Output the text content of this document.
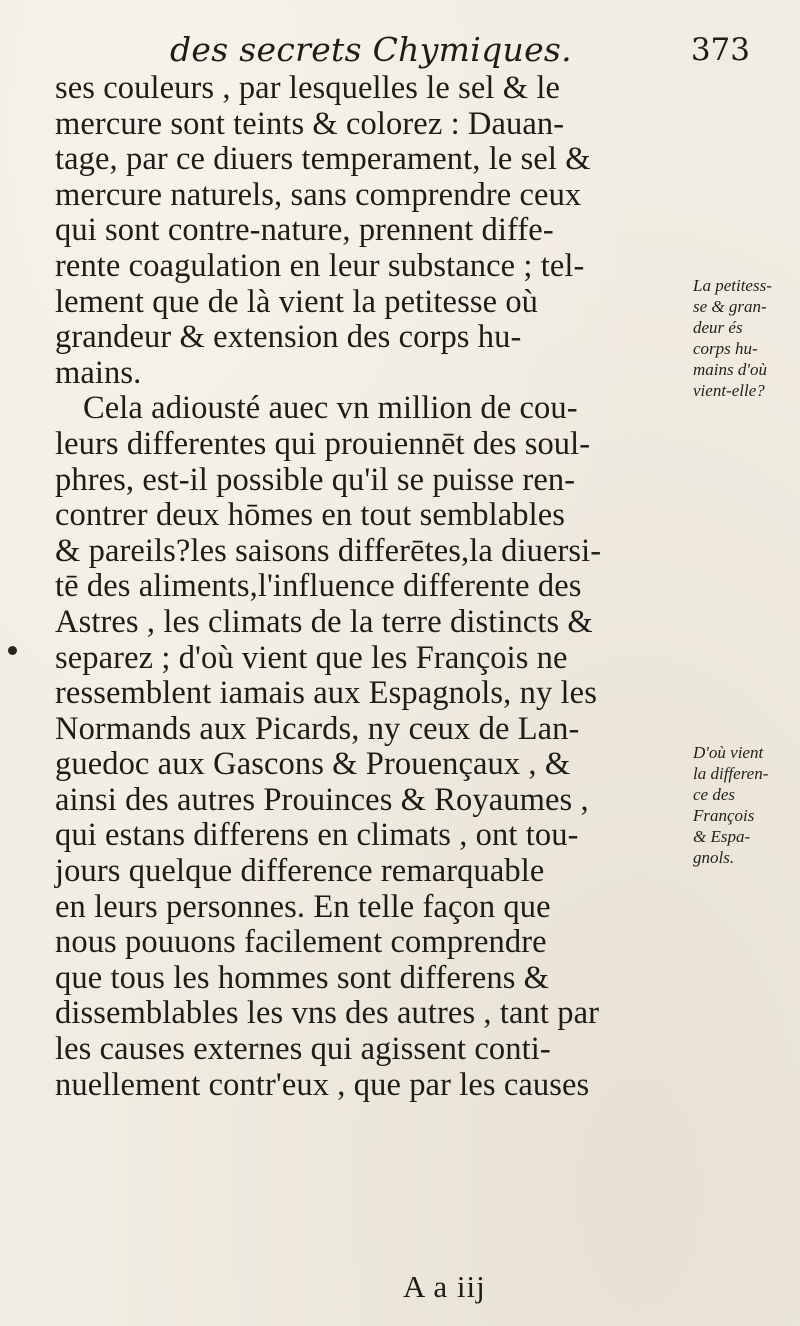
des secrets Chymiques.	373
ses couleurs , par lesquelles le sel & le
mercure sont teints & colorez : Dauan-
tage, par ce diuers temperament, le sel &
mercure naturels, sans comprendre ceux
qui sont contre-nature, prennent diffe-
rente coagulation en leur substance ; tel-
lement que de là vient la petitesse où
grandeur & extension des corps hu-
mains.
Cela adiousté auec vn million de cou-
leurs differentes qui prouiennēt des soul-
phres, est-il possible qu'il se puisse ren-
contrer deux hōmes en tout semblables
& pareils?les saisons differētes,la diuersi-
tē des aliments,l'influence differente des
Astres , les climats de la terre distincts &
separez ; d'où vient que les François ne
ressemblent iamais aux Espagnols, ny les
Normands aux Picards, ny ceux de Lan-
guedoc aux Gascons & Prouençaux , &
ainsi des autres Prouinces & Royaumes ,
qui estans differens en climats , ont tou-
jours quelque difference remarquable
en leurs personnes. En telle façon que
nous pouuons facilement comprendre
que tous les hommes sont differens &
dissemblables les vns des autres , tant par
les causes externes qui agissent conti-
nuellement contr'eux , que par les causes
La petitess-
se & gran-
deur és
corps hu-
mains d'où
vient-elle?
D'où vient
la differen-
ce des
François
& Espa-
gnols.
A a iij
